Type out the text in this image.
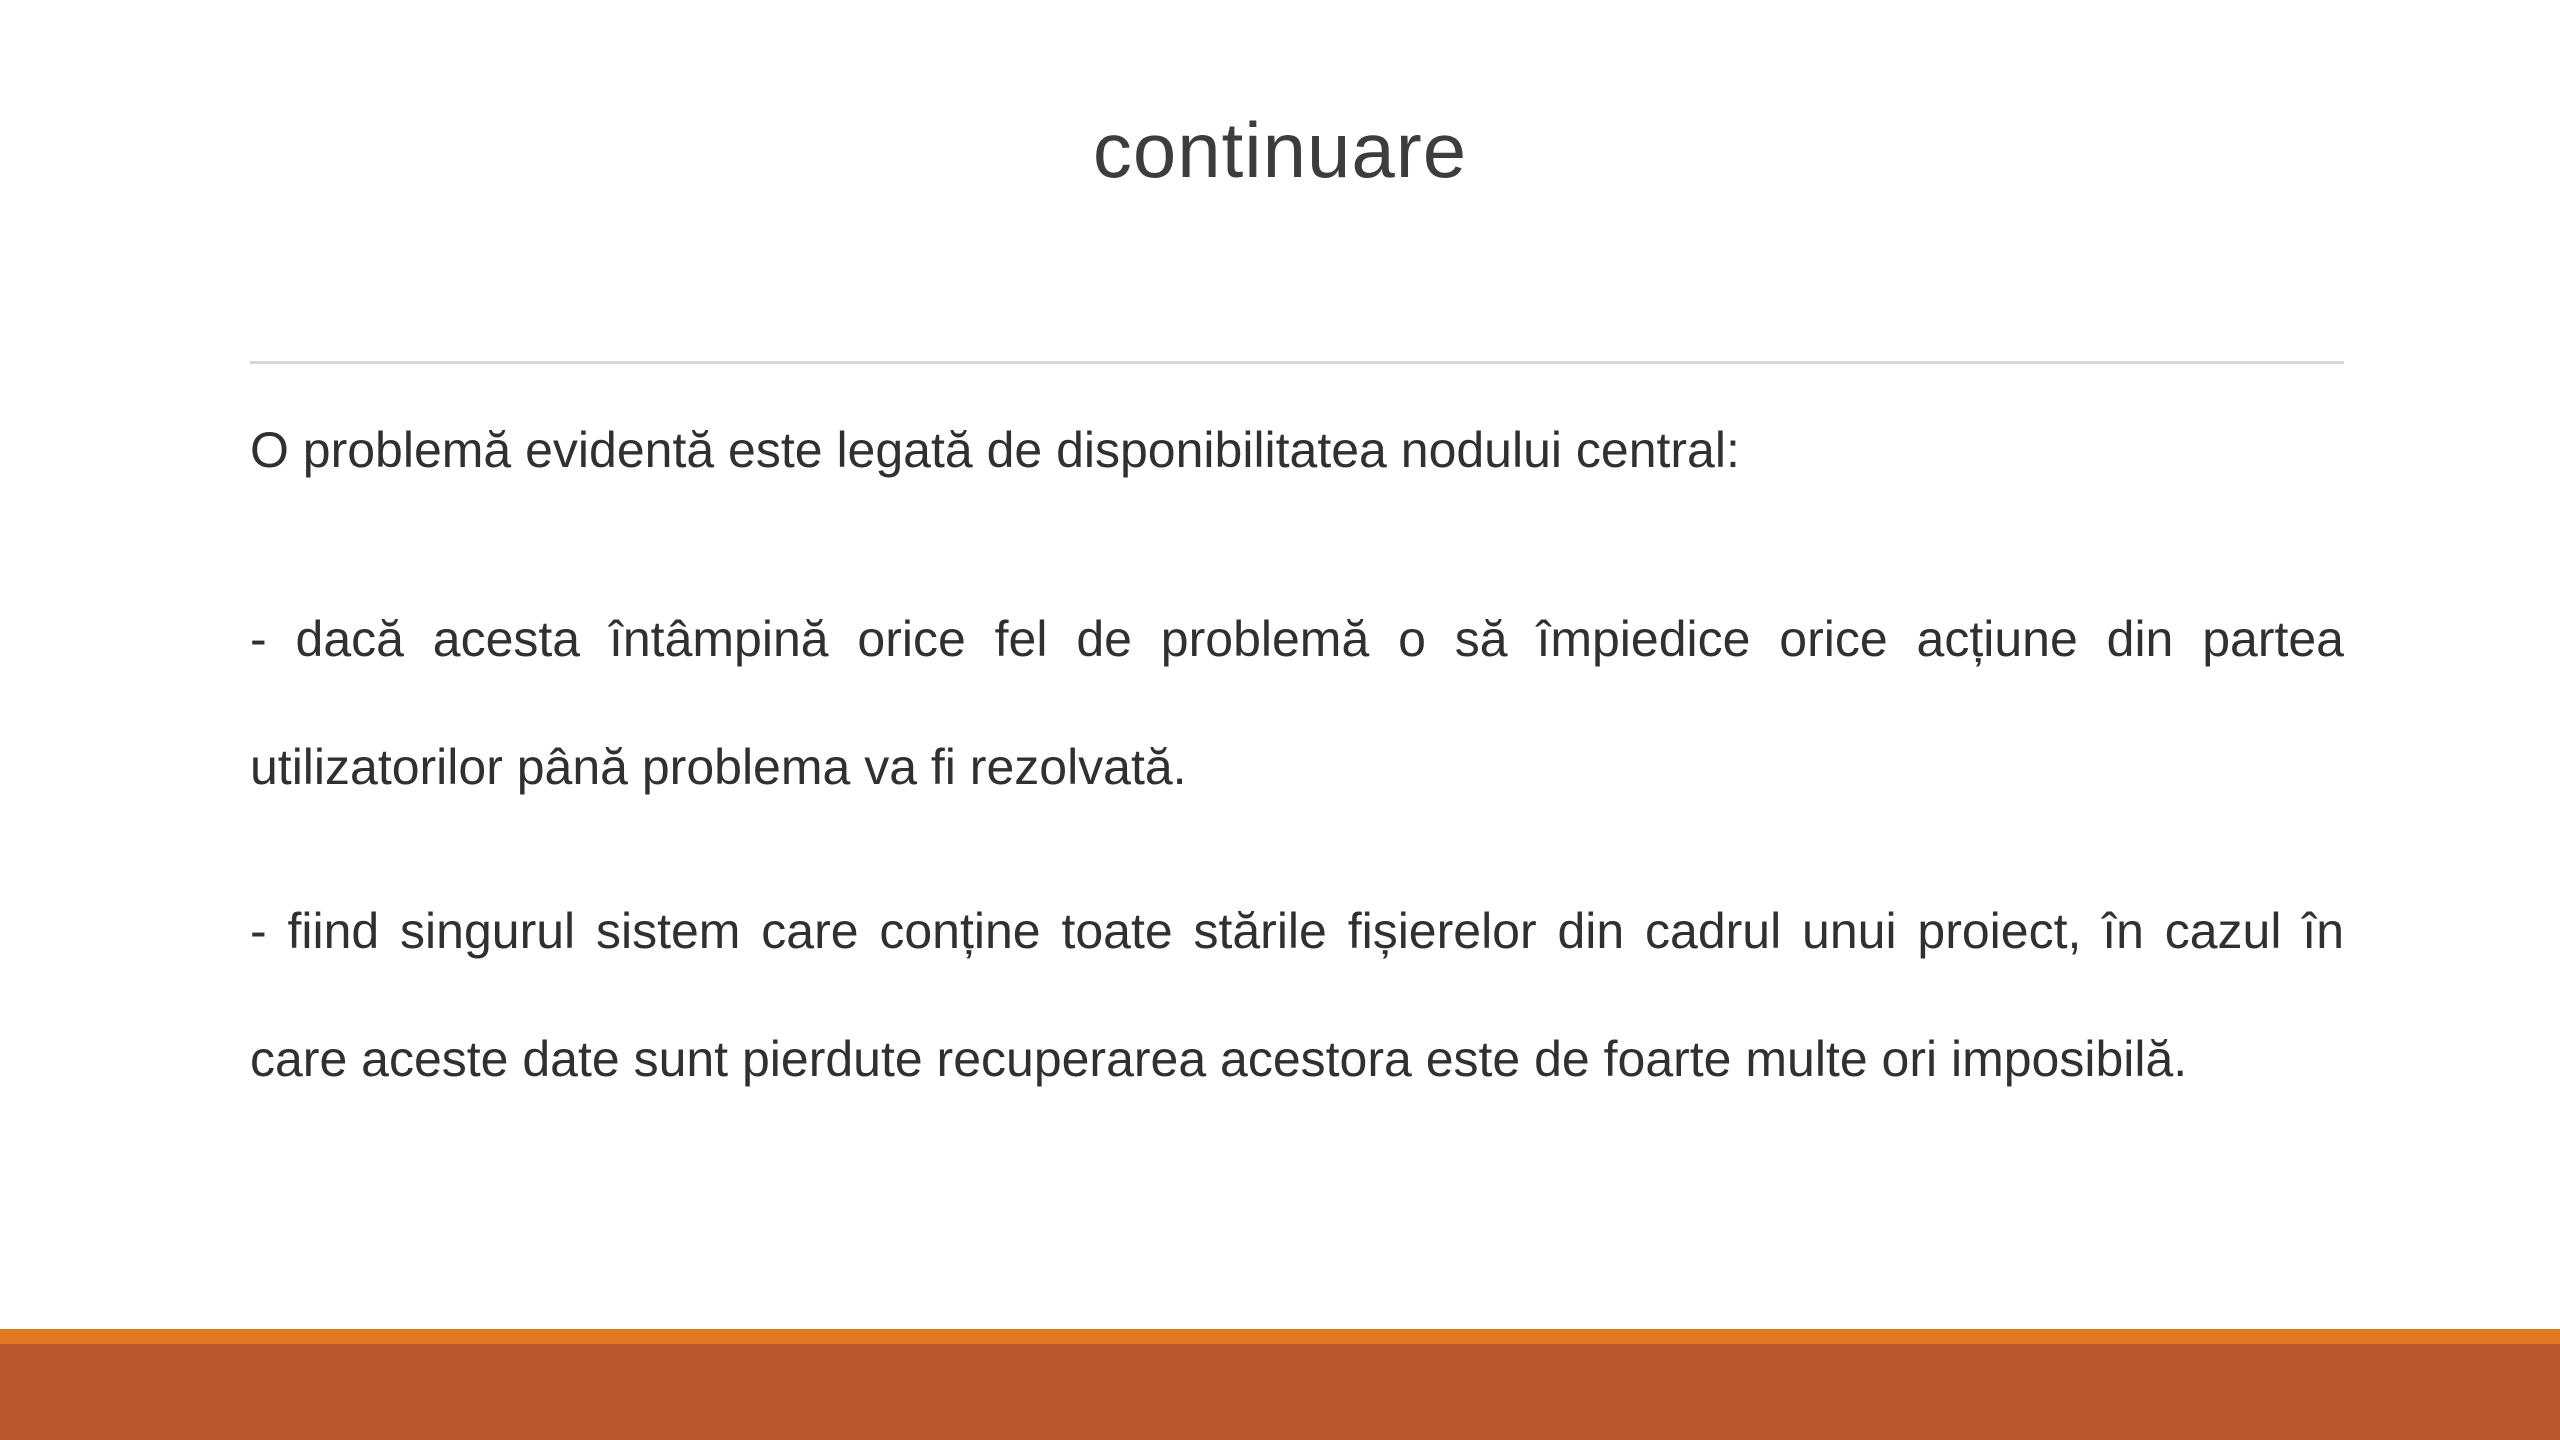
continuare

O problemă evidentă este legată de disponibilitatea nodului central:

- dacă acesta întâmpină orice fel de problemă o să împiedice orice acțiune din partea utilizatorilor până problema va fi rezolvată.

- fiind singurul sistem care conține toate stările fișierelor din cadrul unui proiect, în cazul în care aceste date sunt pierdute recuperarea acestora este de foarte multe ori imposibilă.
